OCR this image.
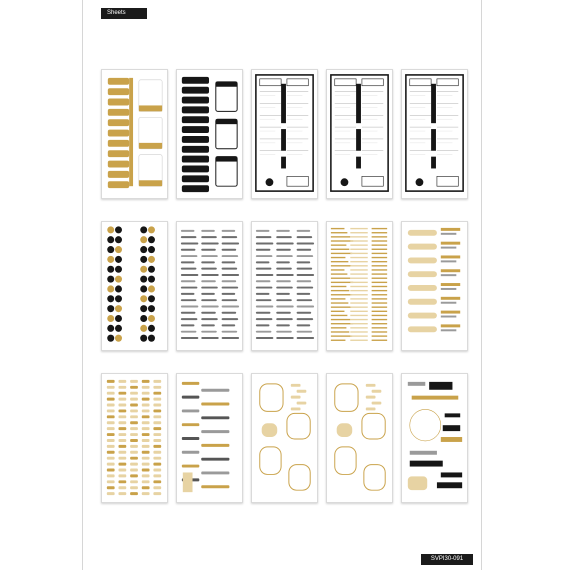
Sheets
SVPI30-091
